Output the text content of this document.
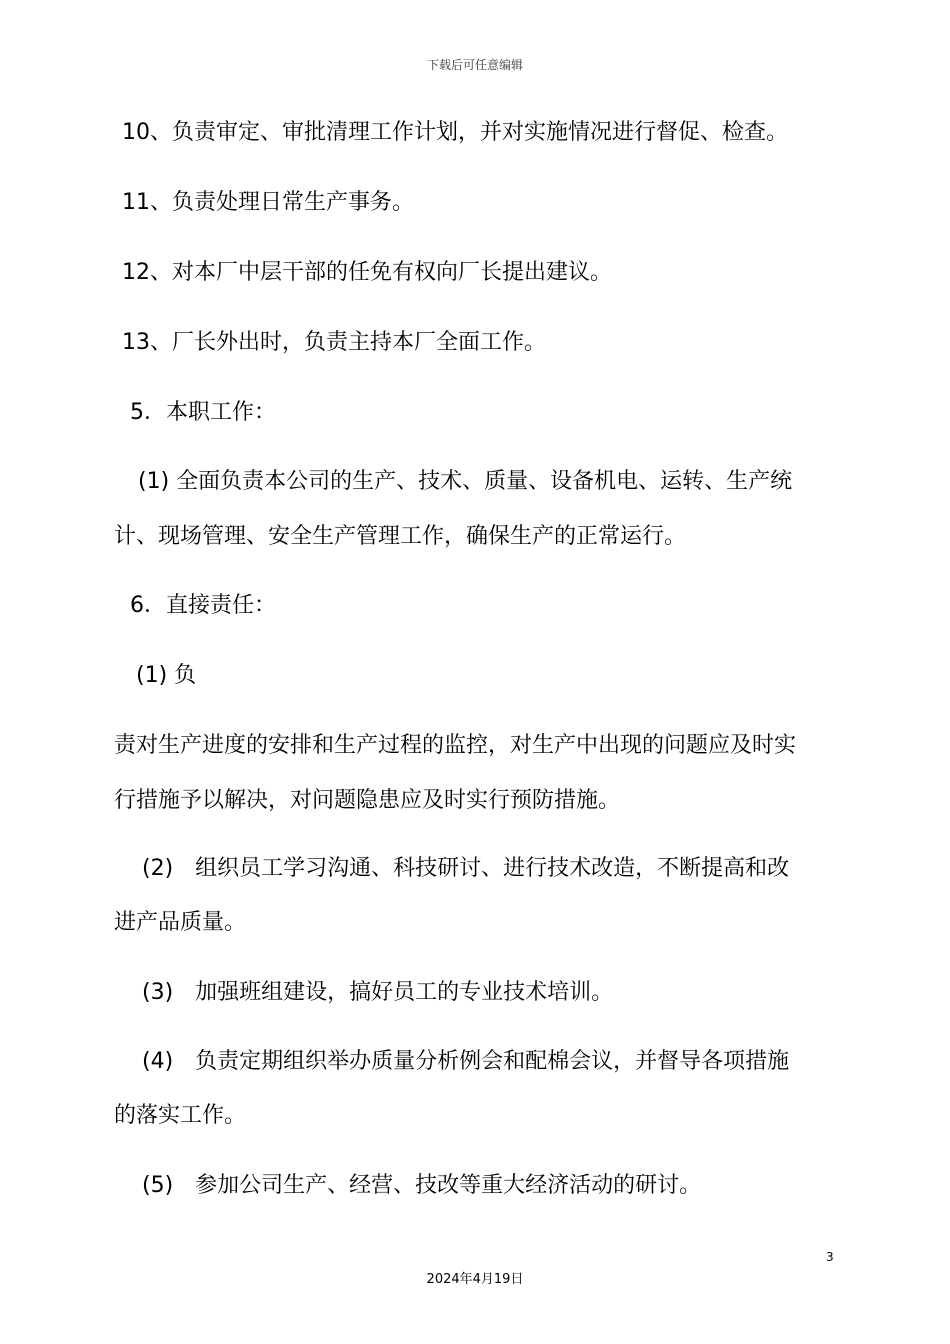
下载后可任意编辑
10、负责审定、审批清理工作计划，并对实施情况进行督促、检查。
11、负责处理日常生产事务。
12、对本厂中层干部的任免有权向厂长提出建议。
13、厂长外出时，负责主持本厂全面工作。
5．本职工作：
(1) 全面负责本公司的生产、技术、质量、设备机电、运转、生产统
计、现场管理、安全生产管理工作，确保生产的正常运行。
6．直接责任：
(1) 负
责对生产进度的安排和生产过程的监控，对生产中出现的问题应及时实
行措施予以解决，对问题隐患应及时实行预防措施。
(2)　组织员工学习沟通、科技研讨、进行技术改造，不断提高和改
进产品质量。
(3)　加强班组建设，搞好员工的专业技术培训。
(4)　负责定期组织举办质量分析例会和配棉会议，并督导各项措施
的落实工作。
(5)　参加公司生产、经营、技改等重大经济活动的研讨。
3
2024年4月19日
